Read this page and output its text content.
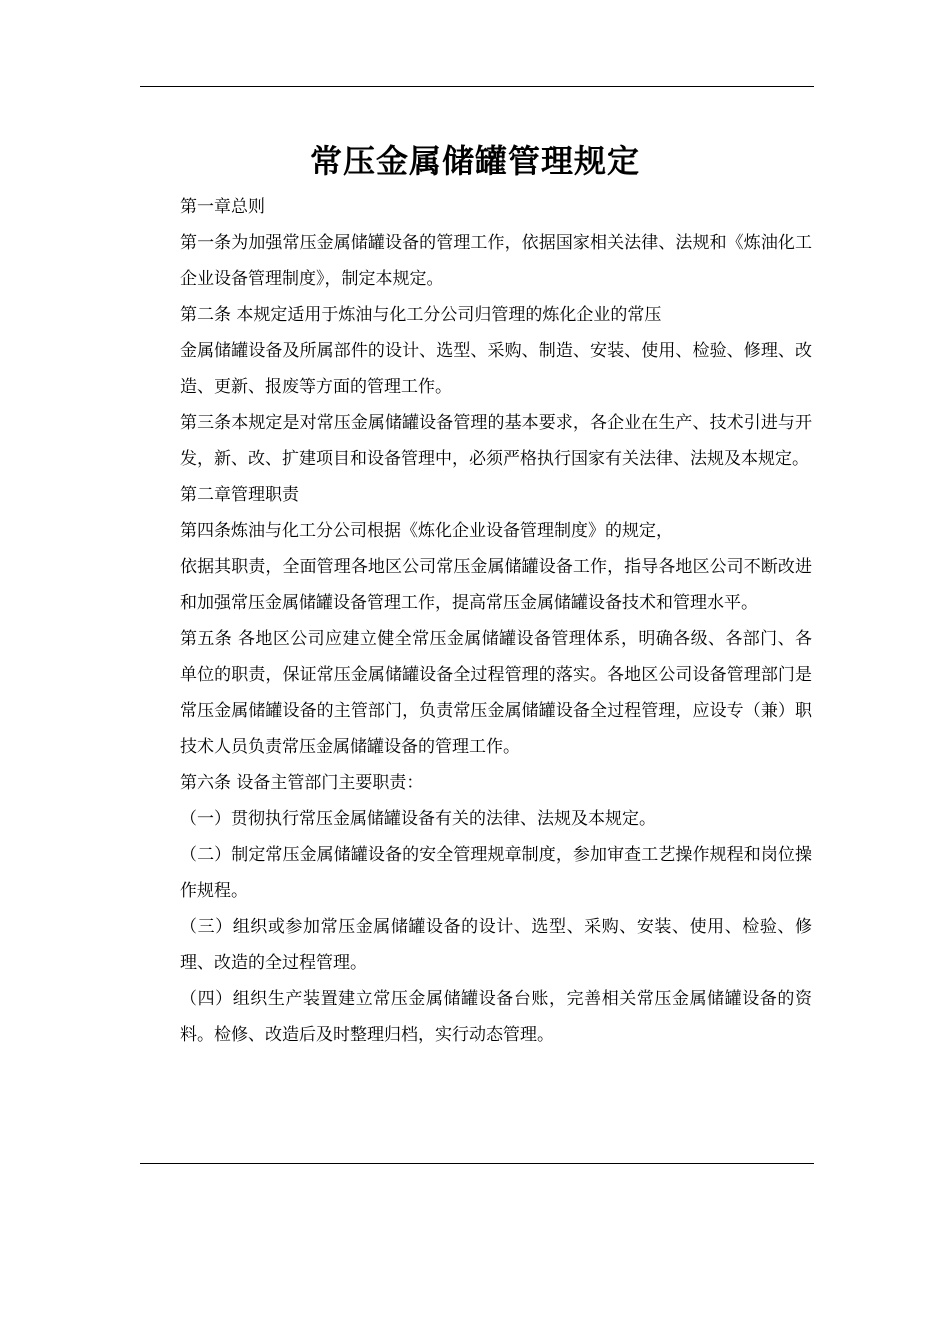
常压金属储罐管理规定

第一章总则

第一条为加强常压金属储罐设备的管理工作，依据国家相关法律、法规和《炼油化工企业设备管理制度》，制定本规定。

第二条 本规定适用于炼油与化工分公司归管理的炼化企业的常压

金属储罐设备及所属部件的设计、选型、采购、制造、安装、使用、检验、修理、改造、更新、报废等方面的管理工作。

第三条本规定是对常压金属储罐设备管理的基本要求，各企业在生产、技术引进与开发，新、改、扩建项目和设备管理中，必须严格执行国家有关法律、法规及本规定。

第二章管理职责

第四条炼油与化工分公司根据《炼化企业设备管理制度》的规定，

依据其职责，全面管理各地区公司常压金属储罐设备工作，指导各地区公司不断改进和加强常压金属储罐设备管理工作，提高常压金属储罐设备技术和管理水平。

第五条 各地区公司应建立健全常压金属储罐设备管理体系，明确各级、各部门、各单位的职责，保证常压金属储罐设备全过程管理的落实。各地区公司设备管理部门是常压金属储罐设备的主管部门，负责常压金属储罐设备全过程管理，应设专（兼）职技术人员负责常压金属储罐设备的管理工作。

第六条 设备主管部门主要职责：

（一）贯彻执行常压金属储罐设备有关的法律、法规及本规定。

（二）制定常压金属储罐设备的安全管理规章制度，参加审查工艺操作规程和岗位操作规程。

（三）组织或参加常压金属储罐设备的设计、选型、采购、安装、使用、检验、修理、改造的全过程管理。

（四）组织生产装置建立常压金属储罐设备台账，完善相关常压金属储罐设备的资料。检修、改造后及时整理归档，实行动态管理。
